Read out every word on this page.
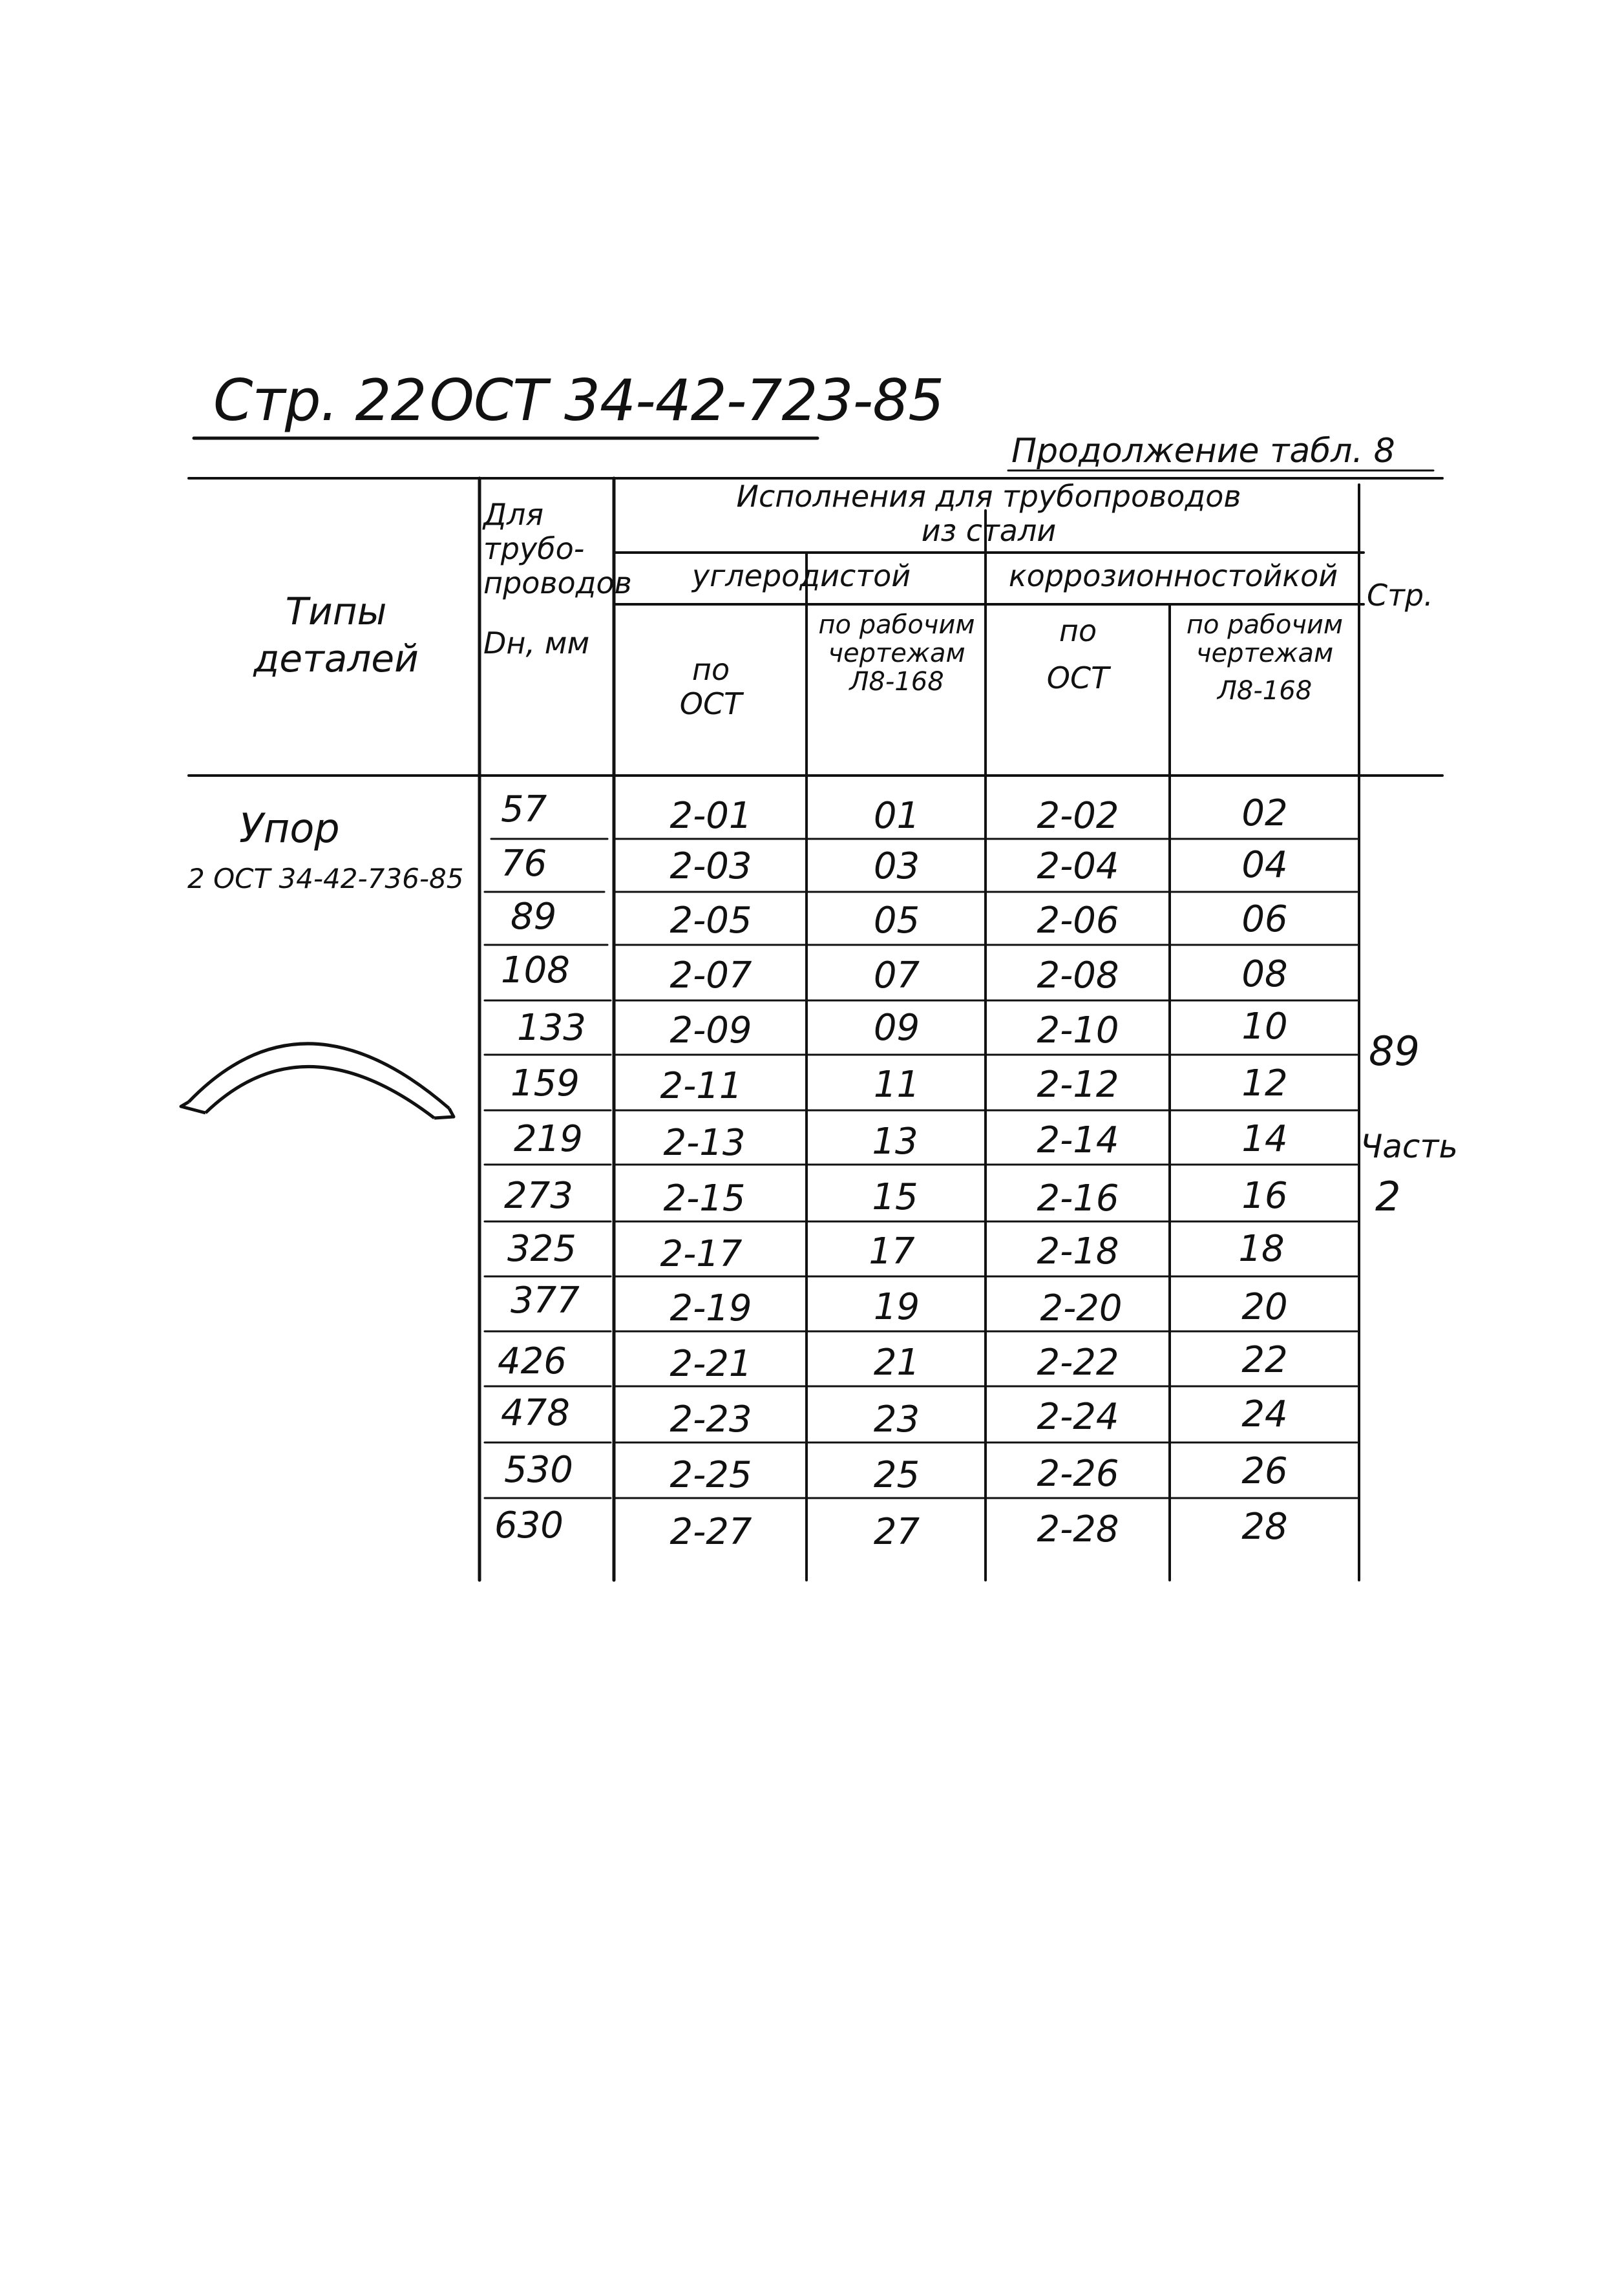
Стр. 22 ОСТ 34-42-723-85
Продолжение табл. 8
Типы
деталей
Для
трубо-
проводов
Dн, мм
Исполнения для трубопроводов
из стали
углеродистой	коррозионностойкой
по
ОСТ
по рабочим
чертежам
Л8-168
по
ОСТ
по рабочим
чертежам
Л8-168
Стр.
Упор
2 ОСТ 34-42-736-85
57	2-01	01	2-02	02
76	2-03	03	2-04	04
89	2-05	05	2-06	06
108	2-07	07	2-08	08
133	2-09	09	2-10	10
159	2-11	11	2-12	12
219	2-13	13	2-14	14
273	2-15	15	2-16	16
325	2-17	17	2-18	18
377	2-19	19	2-20	20
426	2-21	21	2-22	22
478	2-23	23	2-24	24
530	2-25	25	2-26	26
630	2-27	27	2-28	28
89
Часть
2
